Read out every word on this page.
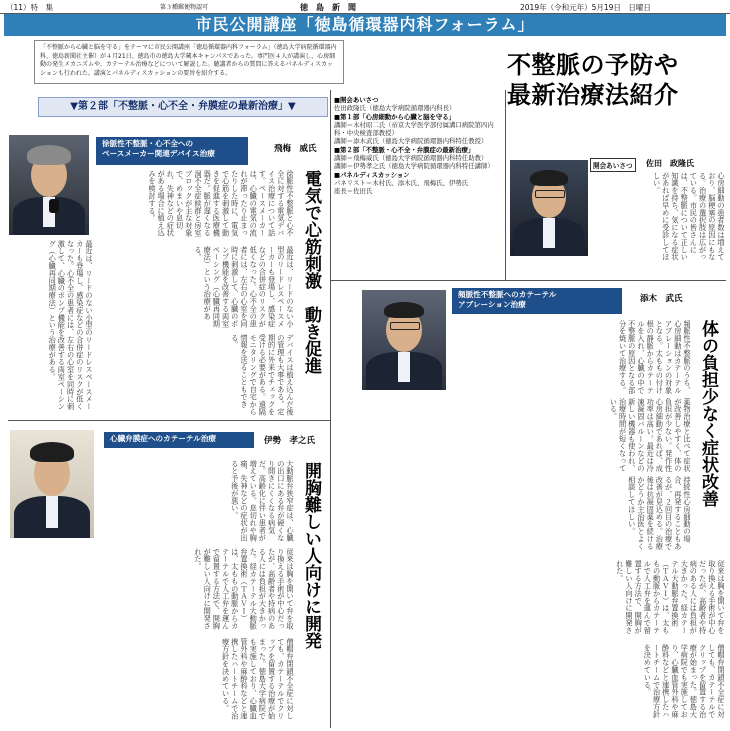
（11）特　集	第３種郵便物認可	徳　島　新　聞	2019年（令和元年）5月19日　日曜日
市民公開講座「徳島循環器内科フォーラム」
「不整脈から心臓と脳を守る」をテーマに市民公開講座「徳島循環器内科フォーラム」（徳島大学病院循環器内科、徳島新聞社主催）が４月21日、徳島市の徳島大学蔵本キャンパスであった。専門医４人が講演し、心房細動の発生メカニズムや、カテーテル治療などについて解説した。聴講者からの質問に答えるパネルディスカッションも行われた。講演とパネルディスカッションの要旨を紹介する。	不整脈の予防や
最新治療法紹介
▼第２部「不整脈・心不全・弁膜症の最新治療」▼
徐脈性不整脈・心不全への
ペースメーカー関連デバイス治療	飛梅　威氏
電気で心筋刺激　動き促進
徐脈性不整脈と心不全に対する電気デバイス治療について話す。ペースメーカーは、心臓の電気の流れが滞ったり止まったりした時に、電気で心筋を刺激して動きを促進する医療機器だ。脈が遅くなる洞不全症候群と房室ブロックが主な対象で、めまいや息切れ、失神などの症状がある場合に植え込みを検討する。
最近は、リードのない小型のリードレスペースメーカーも登場し、感染症などの合併症のリスクが低くなった。心不全の患者には、左右の心室を同時に刺激して、心臓のポンプ機能を改善する両室ペーシング（心臓再同期療法）という治療がある。
デバイスは植え込んだ後の管理も大事である。定期的に外来でチェックを受ける必要がある。遠隔モニタリングで自宅から情報を送ることもできる。
最近は、リードのない小型のリードレスペースメーカーも登場し、感染症などの合併症のリスクが低くなった。心不全の患者には、左右の心室を同時に刺激して、心臓のポンプ機能を改善する両室ペーシング（心臓再同期療法）という治療がある。
■開会あいさつ
佐田政隆氏（徳島大学病院循環器内科長）
■第１部「心房細動から心臓と脳を守る」
講師＝木村昭二氏（帝京大学医学部付属溝口病院第四内科・中央検査部教授）
講師＝添木武氏（徳島大学病院循環器内科特任教授）
■第２部「不整脈・心不全・弁膜症の最新治療」
講師＝飛梅威氏（徳島大学病院循環器内科特任助教）
講師＝伊勢孝之氏（徳島大学病院循環器内科特任講師）
■パネルディスカッション
パネリスト＝木村氏、添木氏、飛梅氏、伊勢氏
座長＝佐田氏
開会あいさつ	佐田　政隆氏
心房細動の患者数は増えており、脳梗塞の原因にもなる。治療の選択肢は広がっている。市民の皆さんには、不整脈について正しい知識を持ち、気になる症状があれば早めに受診してほしい。
頻脈性不整脈へのカテーテル
アブレーション治療
添木　武氏
体の負担少なく症状改善
頻脈性不整脈のうち、心房細動はカテーテルアブレーションの対象となる。太ももの付け根の静脈からカテーテルを入れ、心臓の中で不整脈の原因となる部分を焼いて治療する。
薬物治療と比べて症状が改善しやすく、体の負担が少ない。発作性心房細動であれば、成功率は高い。最近は冷凍凝固バルーンなどの新しい機器も使われ、治療時間が短くなっている。
心臓弁膜症へのカテーテル治療	伊勢　孝之氏
開胸難しい人向けに開発
大動脈弁狭窄症は、心臓の出口にある弁が硬くなり開きにくくなる病気だ。高齢化に伴い患者が増えている。息切れや胸痛、失神などの症状が出ると予後が悪い。
従来は胸を開いて弁を取り換える手術が中心だったが、高齢者や持病のある人には負担が大きかった。経カテーテル大動脈弁置換術（ＴＡＶＩ）は、太ももの動脈からカテーテルで人工弁を運んで留置する方法で、開胸が難しい人向けに開発された。
僧帽弁閉鎖不全症に対しても、カテーテルでクリップを留置する治療が始まった。徳島大学病院でも実施しており、心臓血管外科や麻酔科などと連携したハートチームで治療方針を決めている。
持続性心房細動の場合、再発することもあるが、２回目の治療で改善が見込める。治療後は抗凝固薬を続けるかどうか主治医とよく相談してほしい。
従来は胸を開いて弁を取り換える手術が中心だったが、高齢者や持病のある人には負担が大きかった。経カテーテル大動脈弁置換術（ＴＡＶＩ）は、太ももの動脈からカテーテルで人工弁を運んで留置する方法で、開胸が難しい人向けに開発された。
僧帽弁閉鎖不全症に対しても、カテーテルでクリップを留置する治療が始まった。徳島大学病院でも実施しており、心臓血管外科や麻酔科などと連携したハートチームで治療方針を決めている。
